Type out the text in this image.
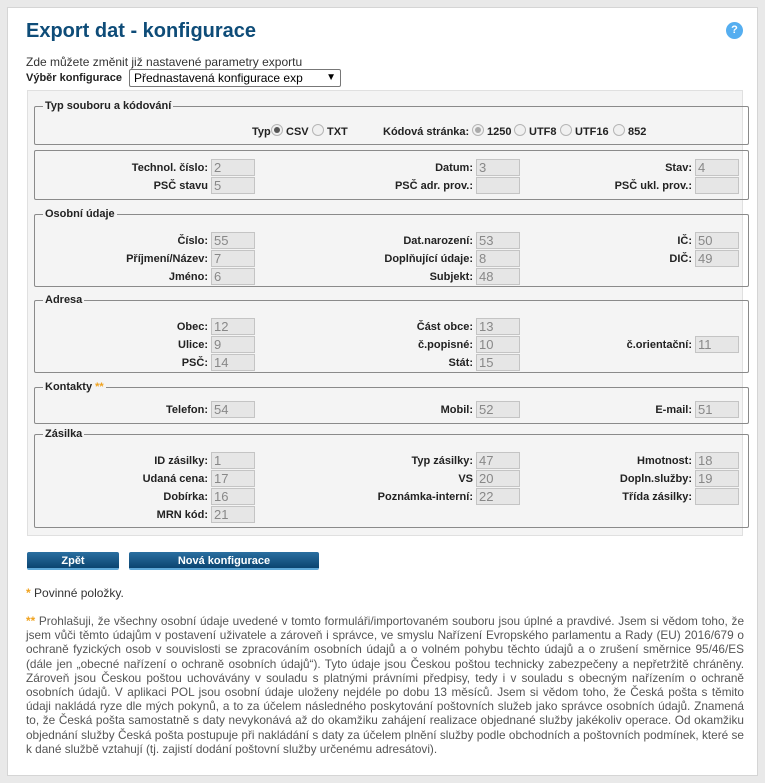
Export dat - konfigurace	?
Zde můžete změnit již nastavené parametry exportu
Výběr konfigurace	Přednastavená konfigurace exp ▼
Typ souboru a kódování
Typ CSV TXT	Kódová stránka: 1250 UTF8 UTF16 852
Technol. číslo: 2	Datum: 3	Stav: 4
PSČ stavu 5	PSČ adr. prov.:	PSČ ukl. prov.:
Osobní údaje
Číslo: 55	Dat.narození: 53	IČ: 50
Příjmení/Název: 7	Doplňující údaje: 8	DIČ: 49
Jméno: 6	Subjekt: 48
Adresa
Obec: 12	Část obce: 13
Ulice: 9	č.popisné: 10	č.orientační: 11
PSČ: 14	Stát: 15
Kontakty **
Telefon: 54	Mobil: 52	E-mail: 51
Zásilka
ID zásilky: 1	Typ zásilky: 47	Hmotnost: 18
Udaná cena: 17	VS 20	Dopln.služby: 19
Dobírka: 16	Poznámka-interní: 22	Třída zásilky:
MRN kód: 21
Zpět	Nová konfigurace
* Povinné položky.
** Prohlašuji, že všechny osobní údaje uvedené v tomto formuláři/importovaném souboru jsou úplné a pravdivé. Jsem si vědom toho, že jsem vůči těmto údajům v postavení uživatele a zároveň i správce, ve smyslu Nařízení Evropského parlamentu a Rady (EU) 2016/679 o ochraně fyzických osob v souvislosti se zpracováním osobních údajů a o volném pohybu těchto údajů a o zrušení směrnice 95/46/ES (dále jen „obecné nařízení o ochraně osobních údajů“). Tyto údaje jsou Českou poštou technicky zabezpečeny a nepřetržitě chráněny. Zároveň jsou Českou poštou uchovávány v souladu s platnými právními předpisy, tedy i v souladu s obecným nařízením o ochraně osobních údajů. V aplikaci POL jsou osobní údaje uloženy nejdéle po dobu 13 měsíců. Jsem si vědom toho, že Česká pošta s těmito údaji nakládá ryze dle mých pokynů, a to za účelem následného poskytování poštovních služeb jako správce osobních údajů. Znamená to, že Česká pošta samostatně s daty nevykonává až do okamžiku zahájení realizace objednané služby jakékoliv operace. Od okamžiku objednání služby Česká pošta postupuje při nakládání s daty za účelem plnění služby podle obchodních a poštovních podmínek, které se k dané službě vztahují (tj. zajistí dodání poštovní služby určenému adresátovi).
